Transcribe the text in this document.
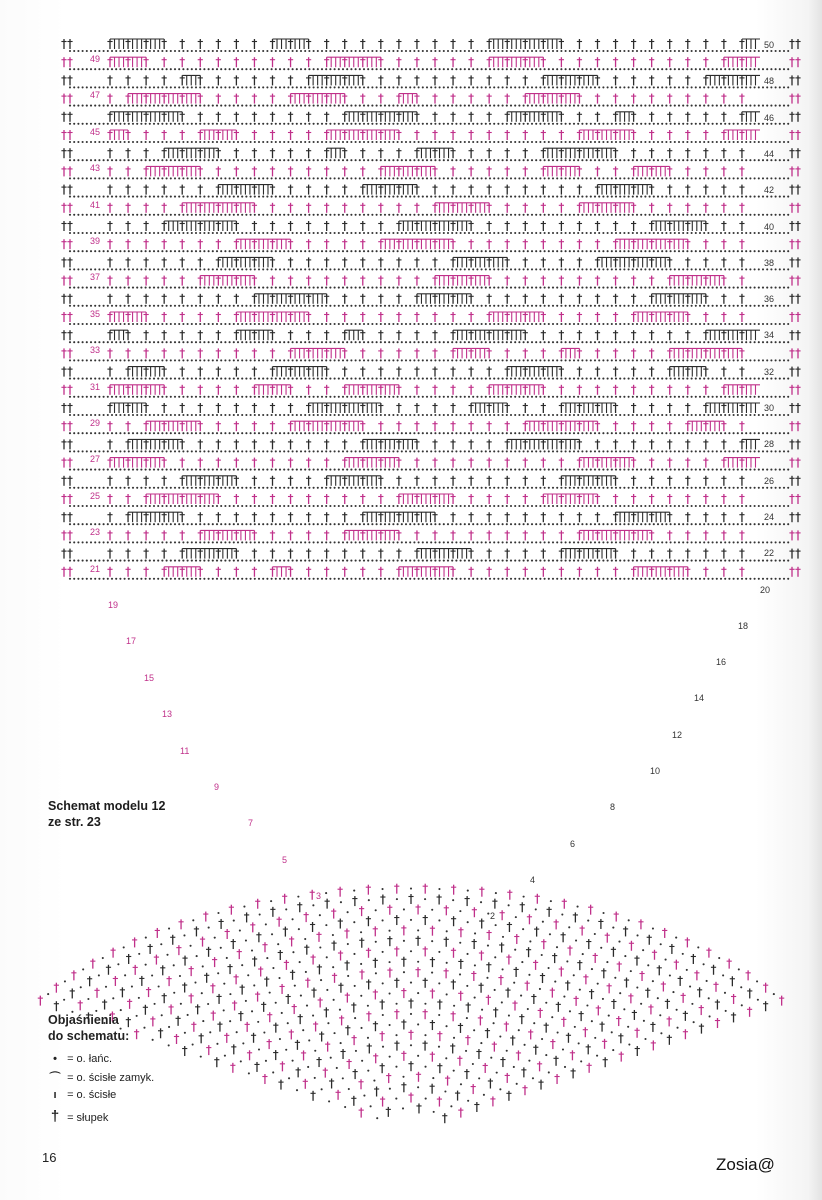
49
47
45
43
41
39
37
35
33
31
29
27
25
23
21
19
17
15
13
11
9
7
5
3
50
48
46
44
42
40
38
36
34
32
30
28
26
24
22
20
18
16
14
12
10
8
6
4
2
Schemat modelu 12
ze str. 23
Objaśnienia
do schematu:
• = o. łańc.
⌒ = o. ścisłe zamyk.
ı = o. ścisłe
† = słupek
16	Zosia@
